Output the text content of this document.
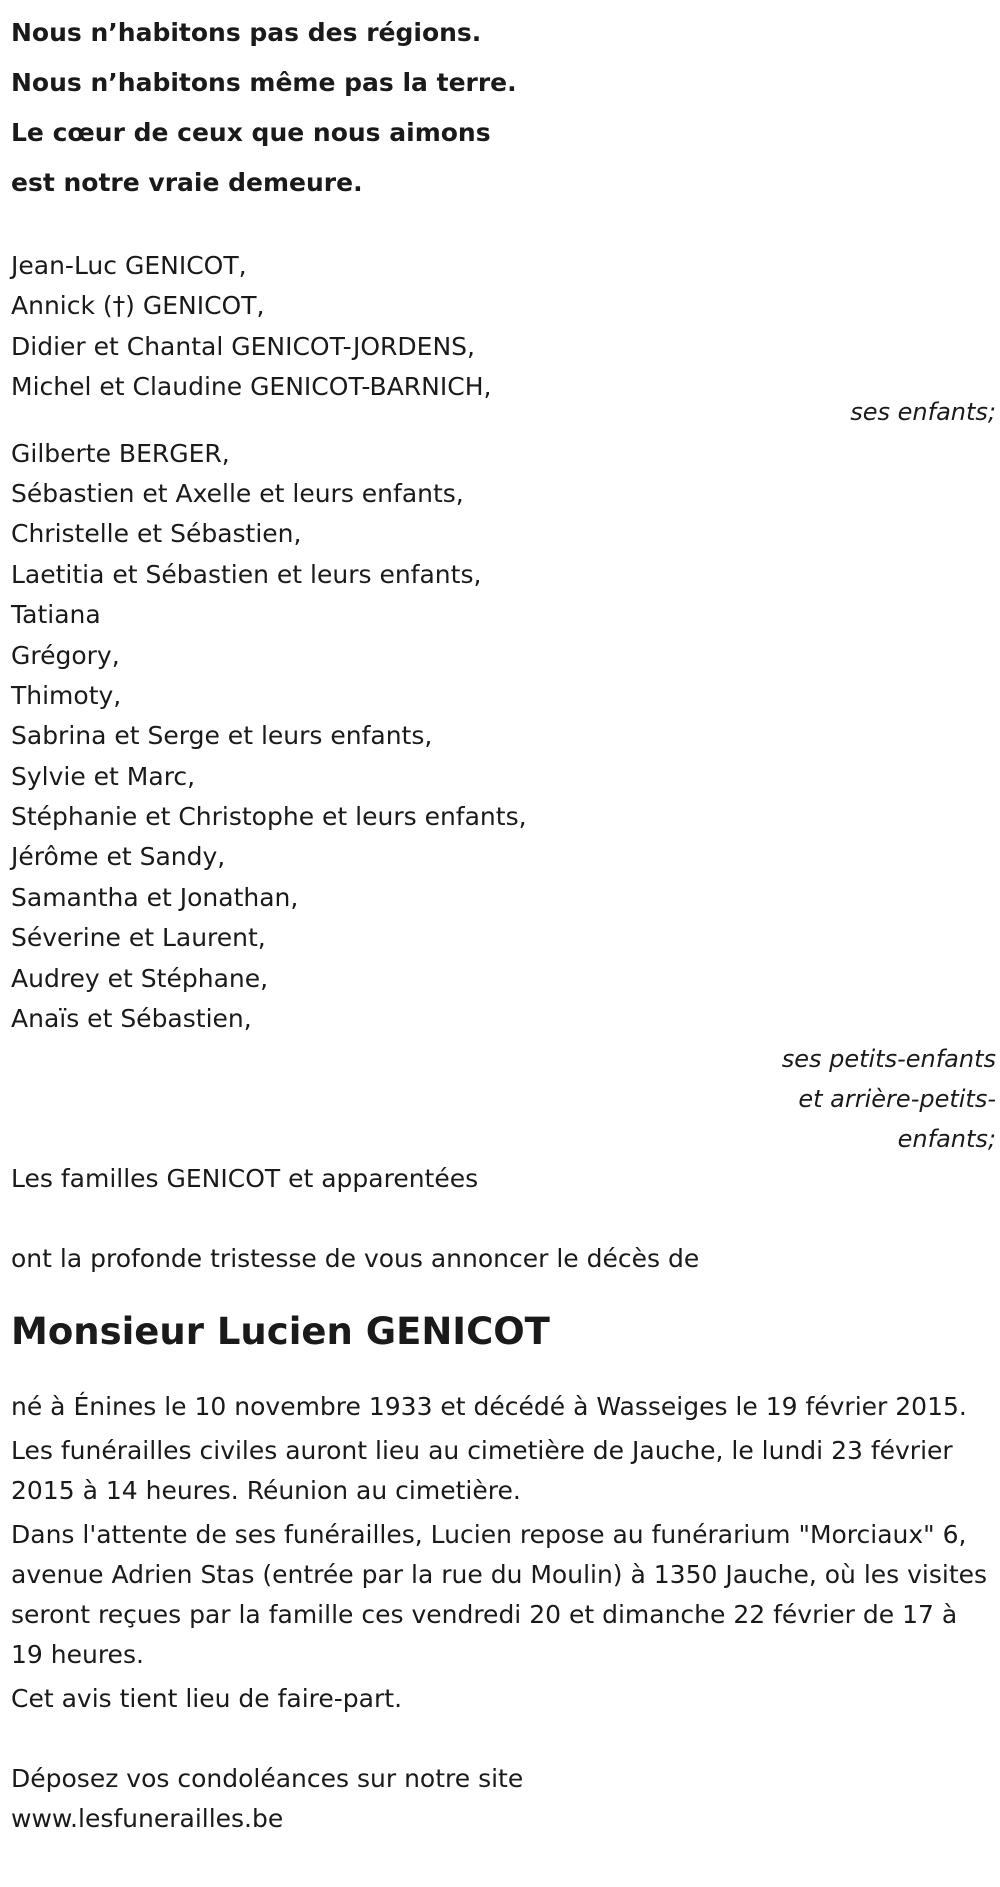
Nous n’habitons pas des régions.
Nous n’habitons même pas la terre.
Le cœur de ceux que nous aimons
est notre vraie demeure.
Jean-Luc GENICOT,
Annick (†) GENICOT,
Didier et Chantal GENICOT-JORDENS,
Michel et Claudine GENICOT-BARNICH,
ses enfants;
Gilberte BERGER,
Sébastien et Axelle et leurs enfants,
Christelle et Sébastien,
Laetitia et Sébastien et leurs enfants,
Tatiana
Grégory,
Thimoty,
Sabrina et Serge et leurs enfants,
Sylvie et Marc,
Stéphanie et Christophe et leurs enfants,
Jérôme et Sandy,
Samantha et Jonathan,
Séverine et Laurent,
Audrey et Stéphane,
Anaïs et Sébastien,
ses petits-enfants
et arrière-petits-
enfants;
Les familles GENICOT et apparentées
ont la profonde tristesse de vous annoncer le décès de
Monsieur Lucien GENICOT
né à Énines le 10 novembre 1933 et décédé à Wasseiges le 19 février 2015.
Les funérailles civiles auront lieu au cimetière de Jauche, le lundi 23 février 2015 à 14 heures. Réunion au cimetière.
Dans l'attente de ses funérailles, Lucien repose au funérarium "Morciaux" 6, avenue Adrien Stas (entrée par la rue du Moulin) à 1350 Jauche, où les visites seront reçues par la famille ces vendredi 20 et dimanche 22 février de 17 à 19 heures.
Cet avis tient lieu de faire-part.
Déposez vos condoléances sur notre site
www.lesfunerailles.be
